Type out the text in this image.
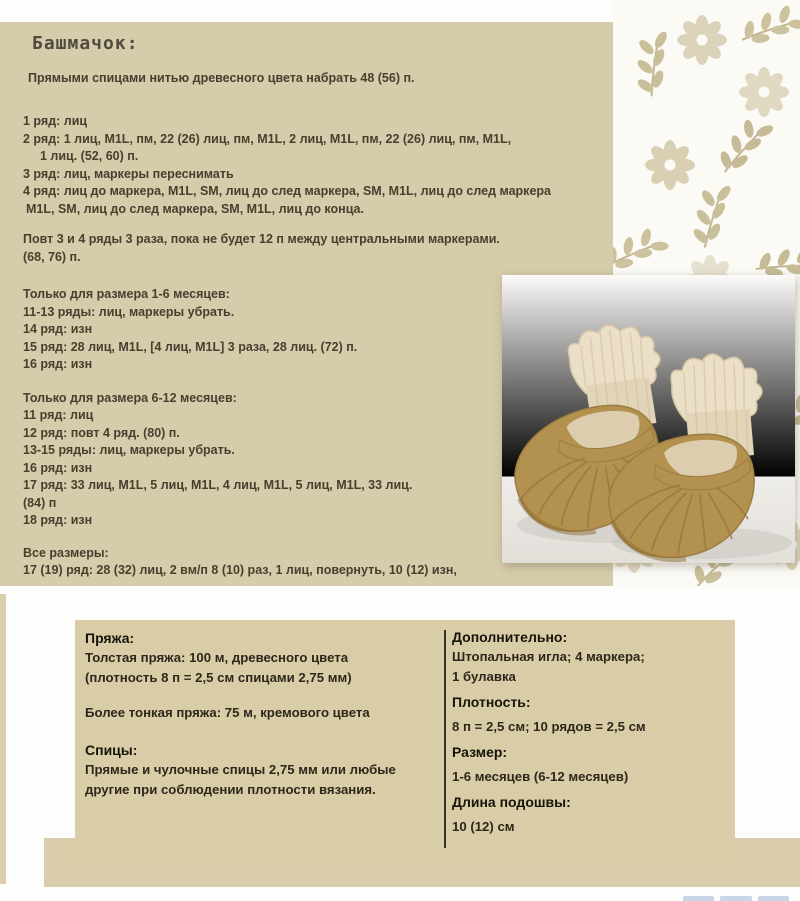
Башмачок:
Прямыми спицами нитью древесного цвета набрать 48 (56) п.
1 ряд: лиц
2 ряд: 1 лиц, M1L, пм, 22 (26) лиц, пм, M1L, 2 лиц, M1L, пм, 22 (26) лиц, пм, M1L,
1 лиц. (52, 60) п.
3 ряд: лиц, маркеры переснимать
4 ряд: лиц до маркера, M1L, SM, лиц до след маркера, SM, M1L, лиц до след маркера
M1L, SM, лиц до след маркера, SM, M1L, лиц до конца.
Повт 3 и 4 ряды 3 раза, пока не будет 12 п между центральными маркерами.
(68, 76) п.
Только для размера 1-6 месяцев:
11-13 ряды: лиц, маркеры убрать.
14 ряд: изн
15 ряд: 28 лиц, M1L, [4 лиц, M1L] 3 раза, 28 лиц. (72) п.
16 ряд: изн
Только для размера 6-12 месяцев:
11 ряд: лиц
12 ряд: повт 4 ряд. (80) п.
13-15 ряды: лиц, маркеры убрать.
16 ряд: изн
17 ряд: 33 лиц, M1L, 5 лиц, M1L, 4 лиц, M1L, 5 лиц, M1L, 33 лиц.
(84) п
18 ряд: изн
Все размеры:
17 (19) ряд: 28 (32) лиц, 2 вм/п 8 (10) раз, 1 лиц, повернуть, 10 (12) изн,
Пряжа:
Толстая пряжа: 100 м, древесного цвета
(плотность 8 п = 2,5 см спицами 2,75 мм)
Более тонкая пряжа: 75 м, кремового цвета
Спицы:
Прямые и чулочные спицы 2,75 мм или любые
другие при соблюдении плотности вязания.
Дополнительно:
Штопальная игла; 4 маркера;
1 булавка
Плотность:
8 п = 2,5 см; 10 рядов = 2,5 см
Размер:
1-6 месяцев (6-12 месяцев)
Длина подошвы:
10 (12) см
